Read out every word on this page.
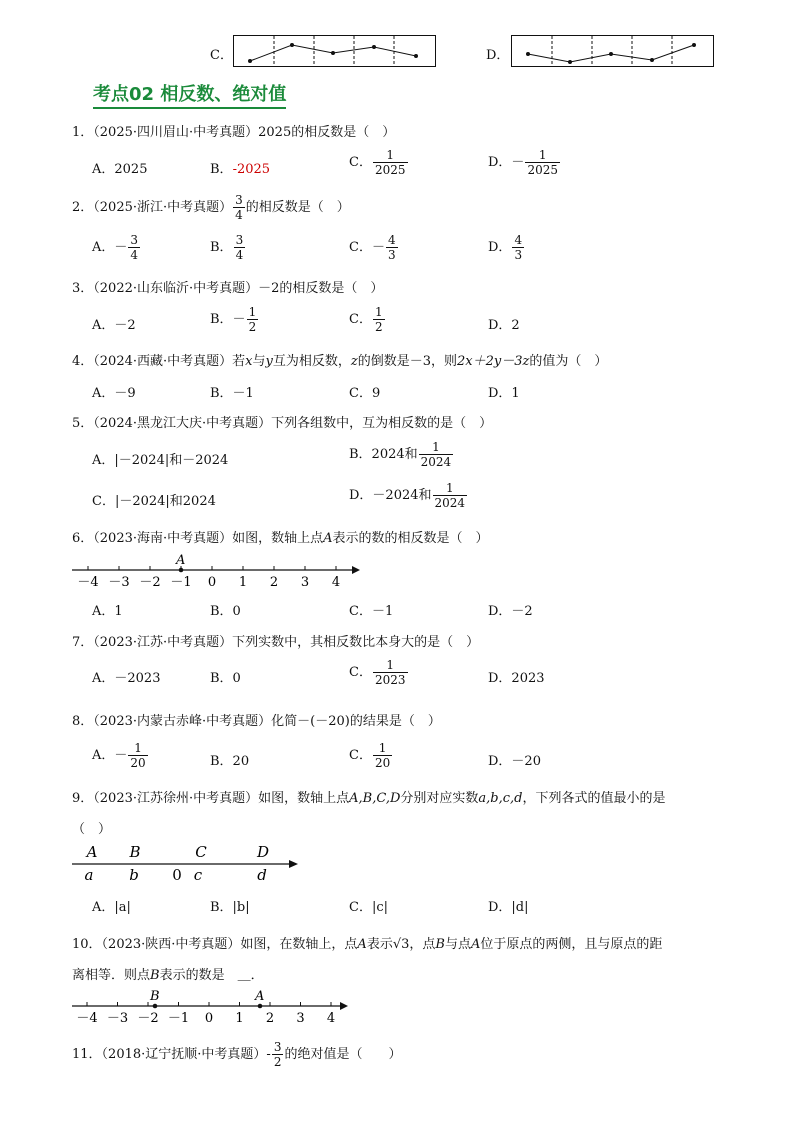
C．	D．
考点02 相反数、绝对值
1．（2025·四川眉山·中考真题）2025的相反数是（　）
A．2025	B．-2025	C． $\frac{1}{2025}$	D．－ $\frac{1}{2025}$
2．（2025·浙江·中考真题） $\frac{3}{4}$ 的相反数是（　）
A．－ $\frac{3}{4}$	B． $\frac{3}{4}$	C．－ $\frac{4}{3}$	D． $\frac{4}{3}$
3．（2022·山东临沂·中考真题）－2的相反数是（　）
A．－2	B．－ $\frac{1}{2}$	C． $\frac{1}{2}$	D．2
4．（2024·西藏·中考真题）若x与y互为相反数，z的倒数是－3，则2x＋2y－3z的值为（　）
A．－9	B．－1	C．9	D．1
5．（2024·黑龙江大庆·中考真题）下列各组数中，互为相反数的是（　）
A．|－2024|和－2024	B．2024和 $\frac{1}{2024}$
C．|－2024|和2024	D．－2024和 $\frac{1}{2024}$
6．（2023·海南·中考真题）如图，数轴上点A表示的数的相反数是（　）
－4 －3 －2 －1 0 1 2 3 4
A
A．1	B．0	C．－1	D．－2
7．（2023·江苏·中考真题）下列实数中，其相反数比本身大的是（　）
A．－2023	B．0	C． $\frac{1}{2023}$	D．2023
8．（2023·内蒙古赤峰·中考真题）化简－(－20)的结果是（　）
A．－ $\frac{1}{20}$	B．20	C． $\frac{1}{20}$	D．－20
9．（2023·江苏徐州·中考真题）如图，数轴上点A,B,C,D分别对应实数a,b,c,d，下列各式的值最小的是
（　）
A B	C	D
a b 0 c	d
A．|a|	B．|b|	C．|c|	D．|d|
10．（2023·陕西·中考真题）如图，在数轴上，点A表示√3，点B与点A位于原点的两侧，且与原点的距
离相等．则点B表示的数是　＿．
－4 －3 －2 －1 0 1 2 3 4
B	A
11．（2018·辽宁抚顺·中考真题）- $\frac{3}{2}$ 的绝对值是（　　）
